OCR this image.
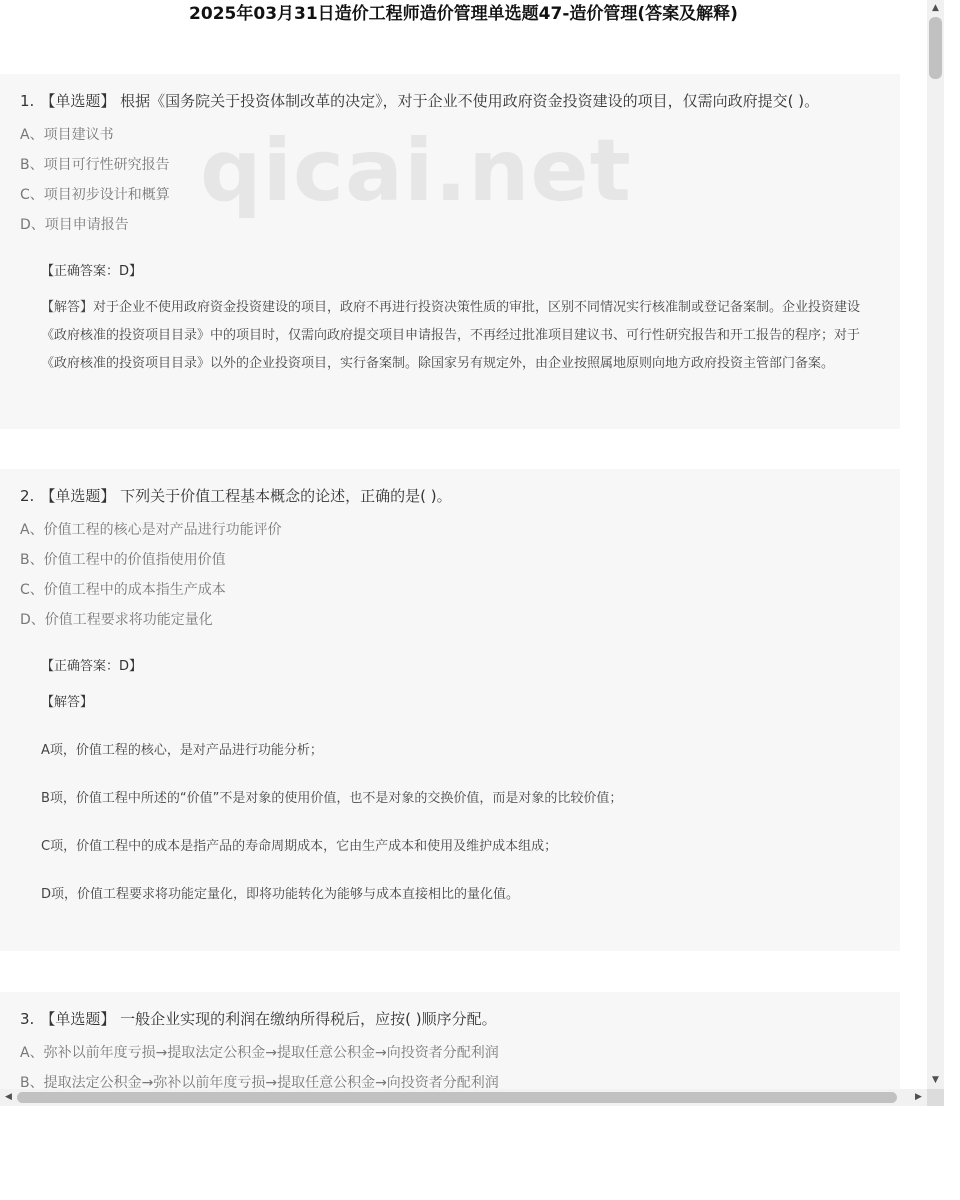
2025年03月31日造价工程师造价管理单选题47-造价管理(答案及解释)
qicai.net

1. 【单选题】 根据《国务院关于投资体制改革的决定》，对于企业不使用政府资金投资建设的项目，仅需向政府提交( )。

A、项目建议书
B、项目可行性研究报告
C、项目初步设计和概算
D、项目申请报告
【正确答案：D】
【解答】对于企业不使用政府资金投资建设的项目，政府不再进行投资决策性质的审批，区别不同情况实行核准制或登记备案制。企业投资建设《政府核准的投资项目目录》中的项目时，仅需向政府提交项目申请报告，不再经过批准项目建议书、可行性研究报告和开工报告的程序；对于《政府核准的投资项目目录》以外的企业投资项目，实行备案制。除国家另有规定外，由企业按照属地原则向地方政府投资主管部门备案。

2. 【单选题】 下列关于价值工程基本概念的论述，正确的是( )。

A、价值工程的核心是对产品进行功能评价
B、价值工程中的价值指使用价值
C、价值工程中的成本指生产成本
D、价值工程要求将功能定量化
【正确答案：D】
【解答】
A项，价值工程的核心，是对产品进行功能分析；
B项，价值工程中所述的“价值”不是对象的使用价值，也不是对象的交换价值，而是对象的比较价值；
C项，价值工程中的成本是指产品的寿命周期成本，它由生产成本和使用及维护成本组成；
D项，价值工程要求将功能定量化，即将功能转化为能够与成本直接相比的量化值。

3. 【单选题】 一般企业实现的利润在缴纳所得税后，应按( )顺序分配。

A、弥补以前年度亏损→提取法定公积金→提取任意公积金→向投资者分配利润
B、提取法定公积金→弥补以前年度亏损→提取任意公积金→向投资者分配利润
▲
▼
◀	▶
